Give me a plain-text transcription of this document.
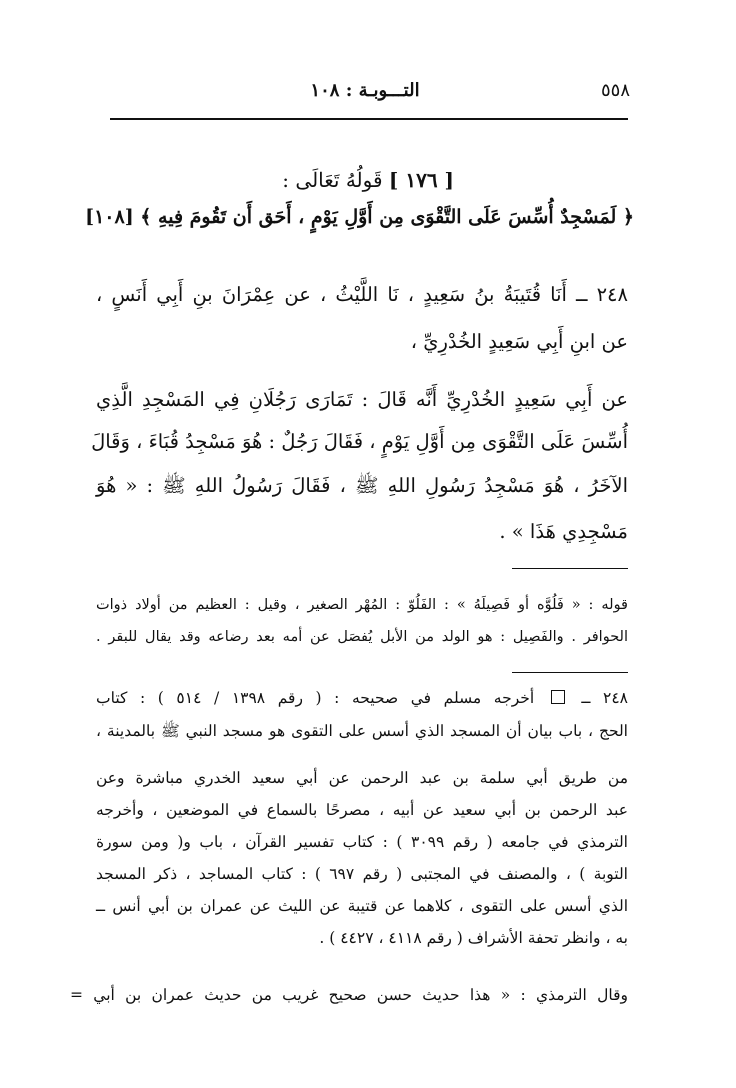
٥٥٨
التـــوبـة : ١٠٨
[ ١٧٦ ] قَولُهُ تَعَالَى :
﴿ لَمَسْجِدٌ أُسِّسَ عَلَى التَّقْوَى مِن أَوَّلِ يَوْمٍ ، أَحَق أَن تَقُومَ فِيهِ ﴾ [١٠٨]
٢٤٨ ــ أَنَا قُتَيبَةُ بنُ سَعِيدٍ ، نَا اللَّيْثُ ، عن عِمْرَانَ بنِ أَبِي أَنَسٍ ،
عن ابنِ أَبِي سَعِيدٍ الخُدْرِيِّ ،
عن أَبِي سَعِيدٍ الخُدْرِيِّ أَنَّه قَالَ : تَمَارَى رَجُلَانِ فِي المَسْجِدِ الَّذِي
أُسِّسَ عَلَى التَّقْوَى مِن أَوَّلِ يَوْمٍ ، فَقَالَ رَجُلٌ : هُوَ مَسْجِدُ قُبَاءَ ، وَقَالَ
الآخَرُ ، هُوَ مَسْجِدُ رَسُولِ اللهِ ﷺ ، فَقَالَ رَسُولُ اللهِ ﷺ : « هُوَ
مَسْجِدِي هَذَا » .
قوله : « فَلُوَّه أو فَصِيلَهُ » : الفَلُوّ : المُهْر الصغير ، وقيل : العظيم من أولاد ذوات
الحوافر . والفَصِيل : هو الولد من الأبل يُفصَل عن أمه بعد رضاعه وقد يقال للبقر .
٢٤٨ ــ  أخرجه مسلم في صحيحه : ( رقم ١٣٩٨ / ٥١٤ ) : كتاب
الحج ، باب بيان أن المسجد الذي أسس على التقوى هو مسجد النبي ﷺ بالمدينة ،
من طريق أبي سلمة بن عبد الرحمن عن أبي سعيد الخدري مباشرة وعن
عبد الرحمن بن أبي سعيد عن أبيه ، مصرحًا بالسماع في الموضعين ، وأخرجه
الترمذي في جامعه ( رقم ٣٠٩٩ ) : كتاب تفسير القرآن ، باب و( ومن سورة
التوبة ) ، والمصنف في المجتبى ( رقم ٦٩٧ ) : كتاب المساجد ، ذكر المسجد
الذي أسس على التقوى ، كلاهما عن قتيبة عن الليث عن عمران بن أبي أنس ــ
به ، وانظر تحفة الأشراف ( رقم ٤١١٨ ، ٤٤٢٧ ) .
وقال الترمذي : « هذا حديث حسن صحيح غريب من حديث عمران بن أبي =
